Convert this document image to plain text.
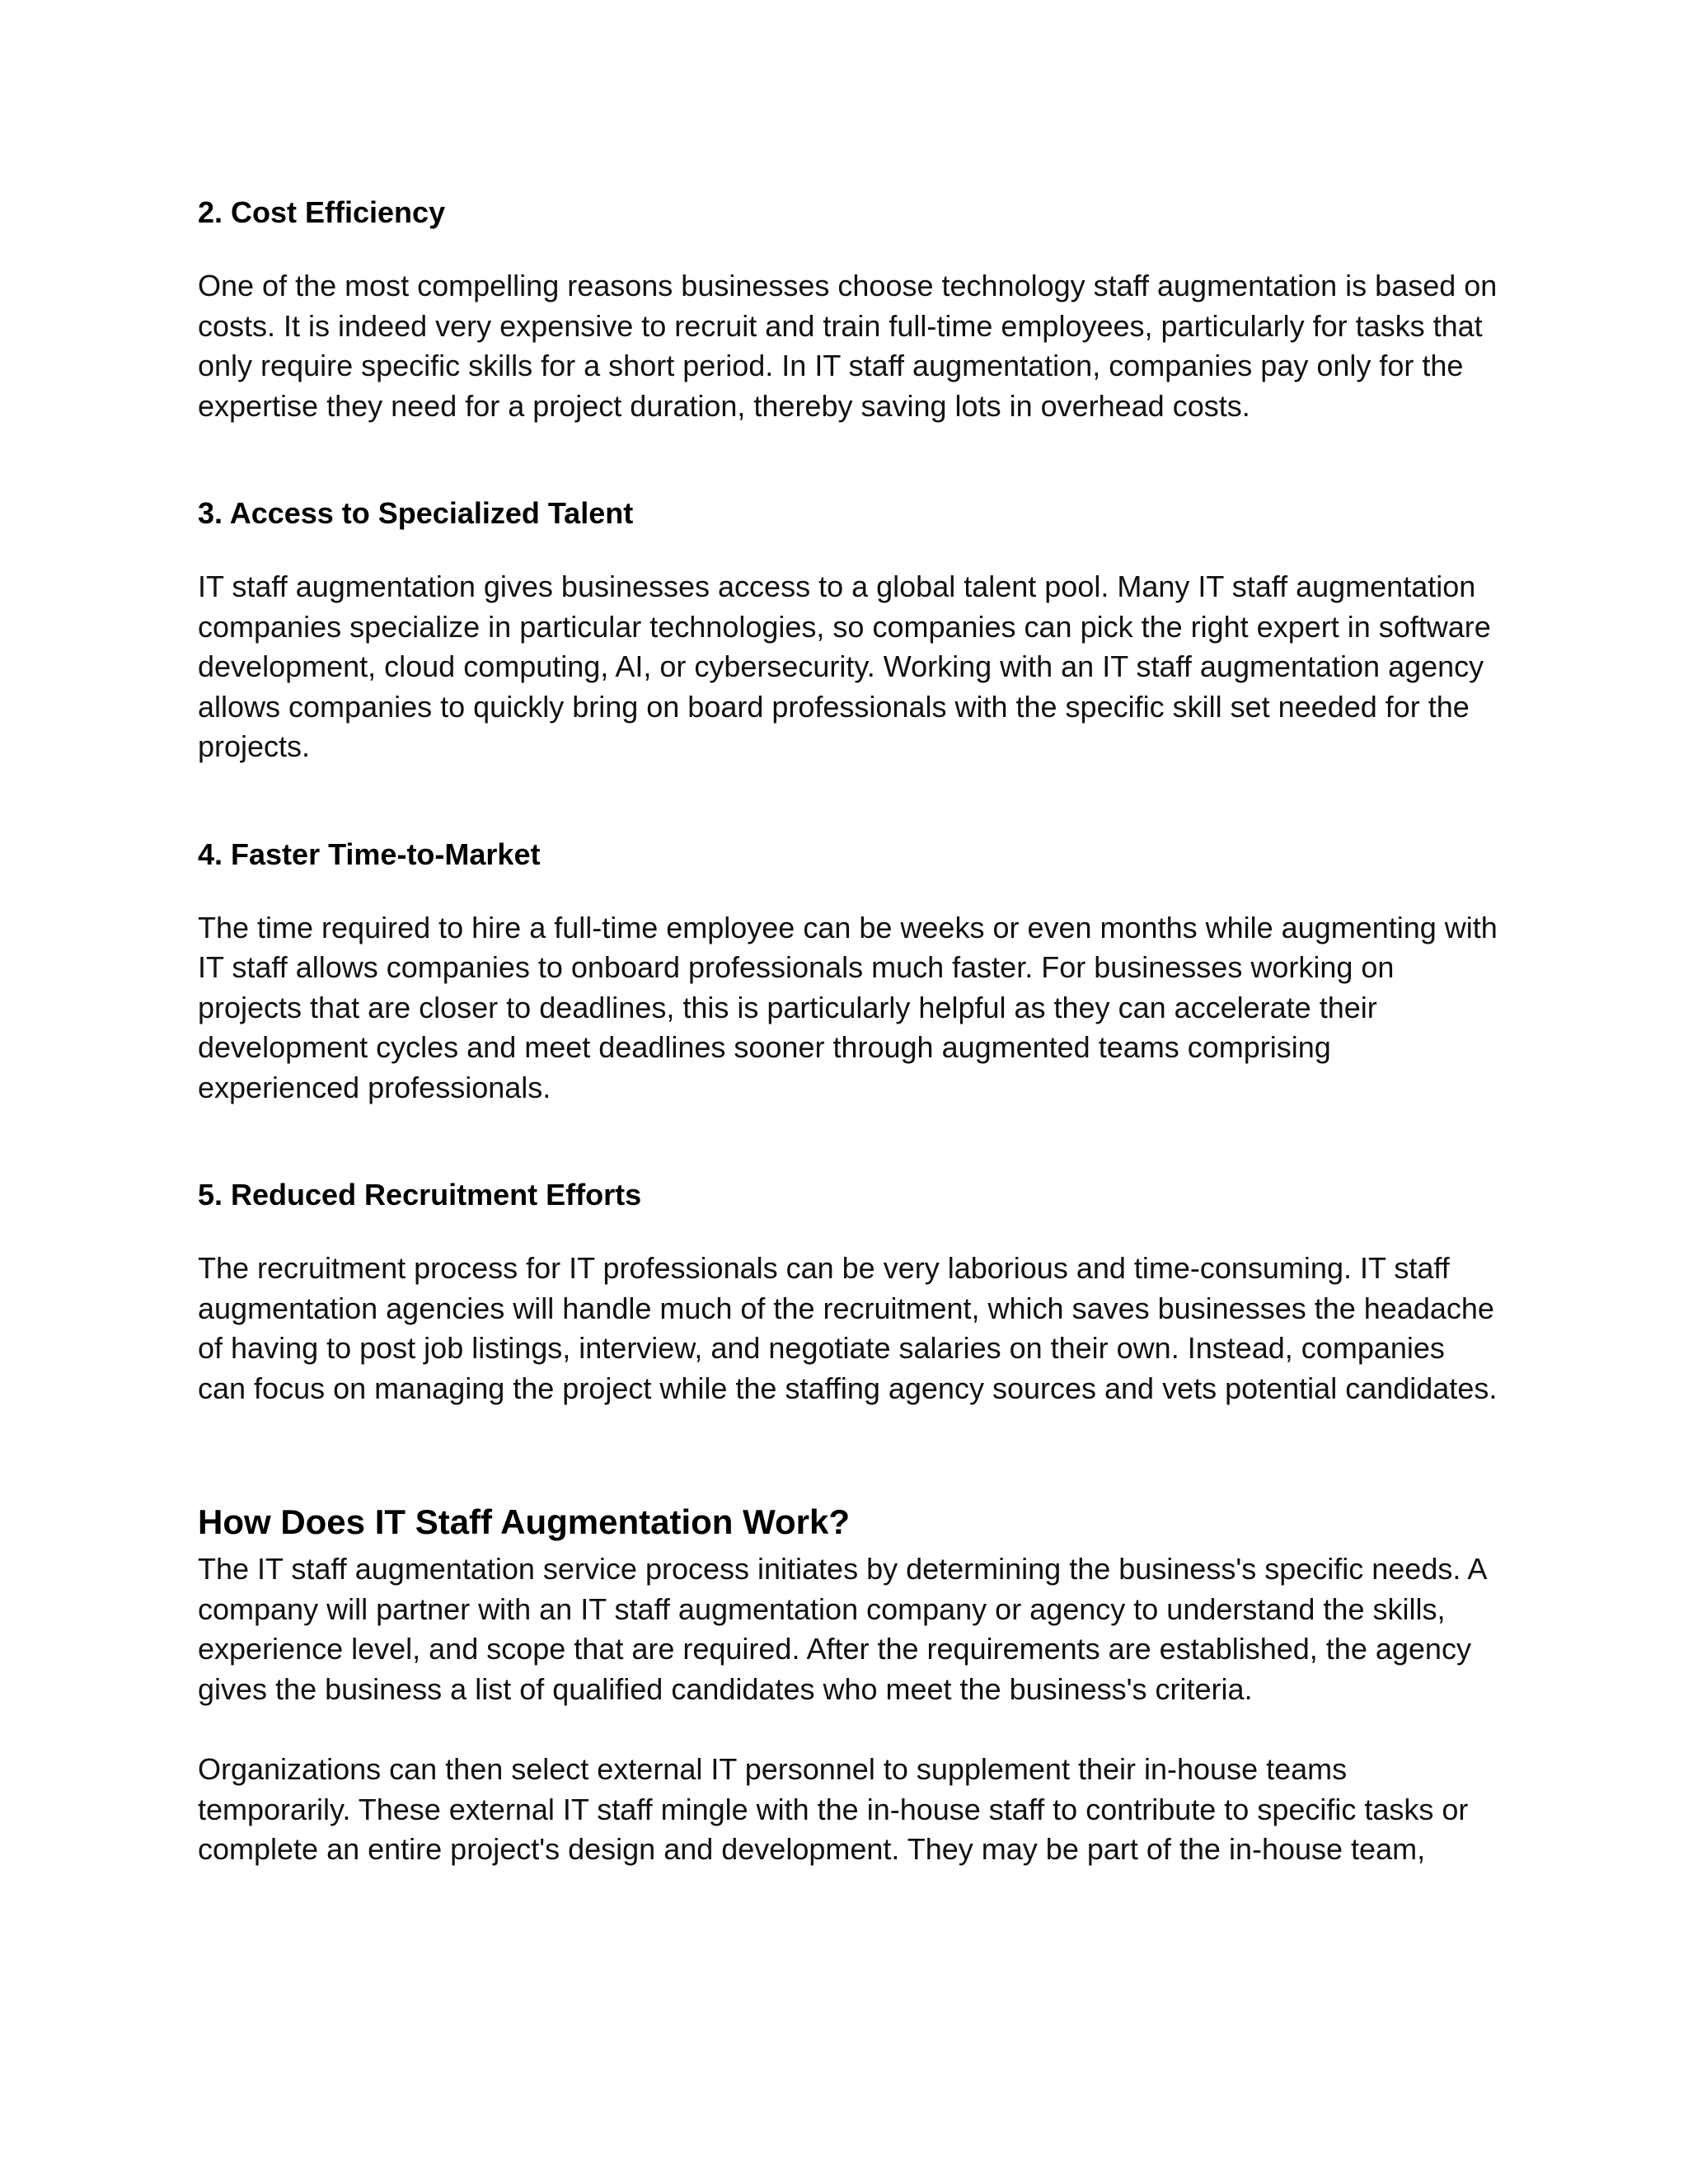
2. Cost Efficiency

One of the most compelling reasons businesses choose technology staff augmentation is based on costs. It is indeed very expensive to recruit and train full-time employees, particularly for tasks that only require specific skills for a short period. In IT staff augmentation, companies pay only for the expertise they need for a project duration, thereby saving lots in overhead costs.

3. Access to Specialized Talent

IT staff augmentation gives businesses access to a global talent pool. Many IT staff augmentation companies specialize in particular technologies, so companies can pick the right expert in software development, cloud computing, AI, or cybersecurity. Working with an IT staff augmentation agency allows companies to quickly bring on board professionals with the specific skill set needed for the projects.

4. Faster Time-to-Market

The time required to hire a full-time employee can be weeks or even months while augmenting with IT staff allows companies to onboard professionals much faster. For businesses working on projects that are closer to deadlines, this is particularly helpful as they can accelerate their development cycles and meet deadlines sooner through augmented teams comprising experienced professionals.

5. Reduced Recruitment Efforts

The recruitment process for IT professionals can be very laborious and time-consuming. IT staff augmentation agencies will handle much of the recruitment, which saves businesses the headache of having to post job listings, interview, and negotiate salaries on their own. Instead, companies can focus on managing the project while the staffing agency sources and vets potential candidates.

How Does IT Staff Augmentation Work?

The IT staff augmentation service process initiates by determining the business's specific needs. A company will partner with an IT staff augmentation company or agency to understand the skills, experience level, and scope that are required. After the requirements are established, the agency gives the business a list of qualified candidates who meet the business's criteria.

Organizations can then select external IT personnel to supplement their in-house teams temporarily. These external IT staff mingle with the in-house staff to contribute to specific tasks or complete an entire project's design and development. They may be part of the in-house team,
